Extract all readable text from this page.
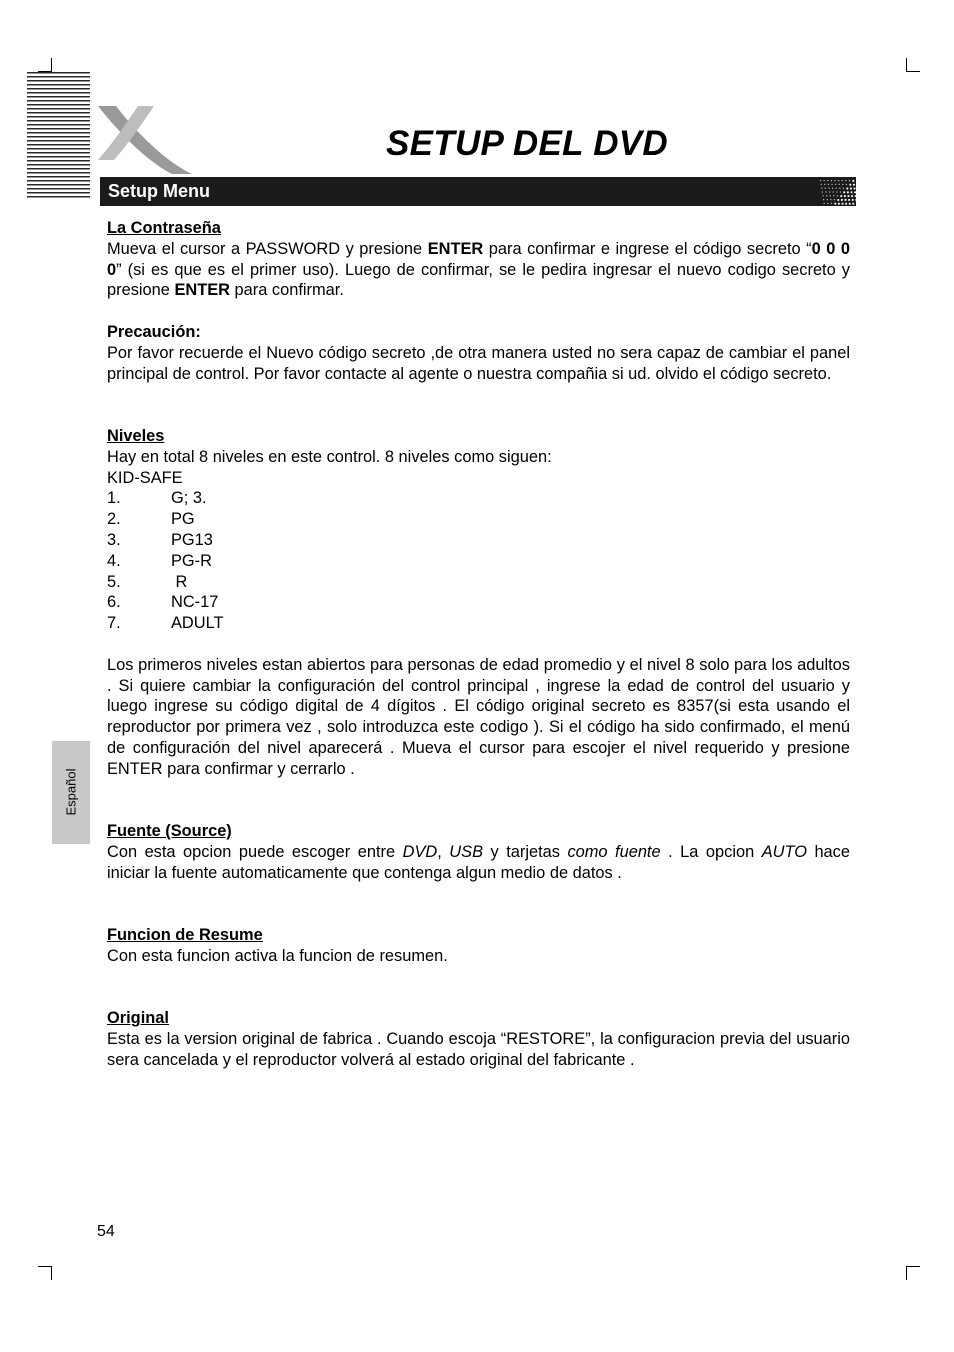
SETUP DEL DVD
Setup Menu
Español
La Contraseña

Mueva el cursor a PASSWORD y presione ENTER para confirmar e ingrese el código secreto “0 0 0 0” (si es que es el primer uso). Luego de confirmar, se le pedira ingresar el nuevo codigo secreto y presione ENTER para confirmar.

Precaución:

Por favor recuerde el Nuevo código secreto ,de otra manera usted no sera capaz de cambiar el panel principal de control. Por favor contacte al agente o nuestra compañia si ud. olvido el código secreto.

Niveles
Hay en total 8 niveles en este control. 8 niveles como siguen:
KID-SAFE
1.	G; 3.
2.	PG
3.	PG13
4.	PG-R
5.	R
6.	NC-17
7.	ADULT

Los primeros niveles estan abiertos para personas de edad promedio y el nivel 8 solo para los adultos . Si quiere cambiar la configuración del control principal , ingrese la edad de control del usuario y luego ingrese su código digital de 4 dígitos . El código original secreto es 8357(si esta usando el reproductor por primera vez , solo introduzca este codigo ). Si el código ha sido confirmado, el menú de configuración del nivel aparecerá . Mueva el cursor para escojer el nivel requerido y presione ENTER para confirmar y cerrarlo .

Fuente (Source)

Con esta opcion puede escoger entre DVD, USB y tarjetas como fuente . La opcion AUTO hace iniciar la fuente automaticamente que contenga algun medio de datos .

Funcion de Resume

Con esta funcion activa la funcion de resumen.

Original

Esta es la version original de fabrica . Cuando escoja “RESTORE”, la configuracion previa del usuario sera cancelada y el reproductor volverá al estado original del fabricante .

54
